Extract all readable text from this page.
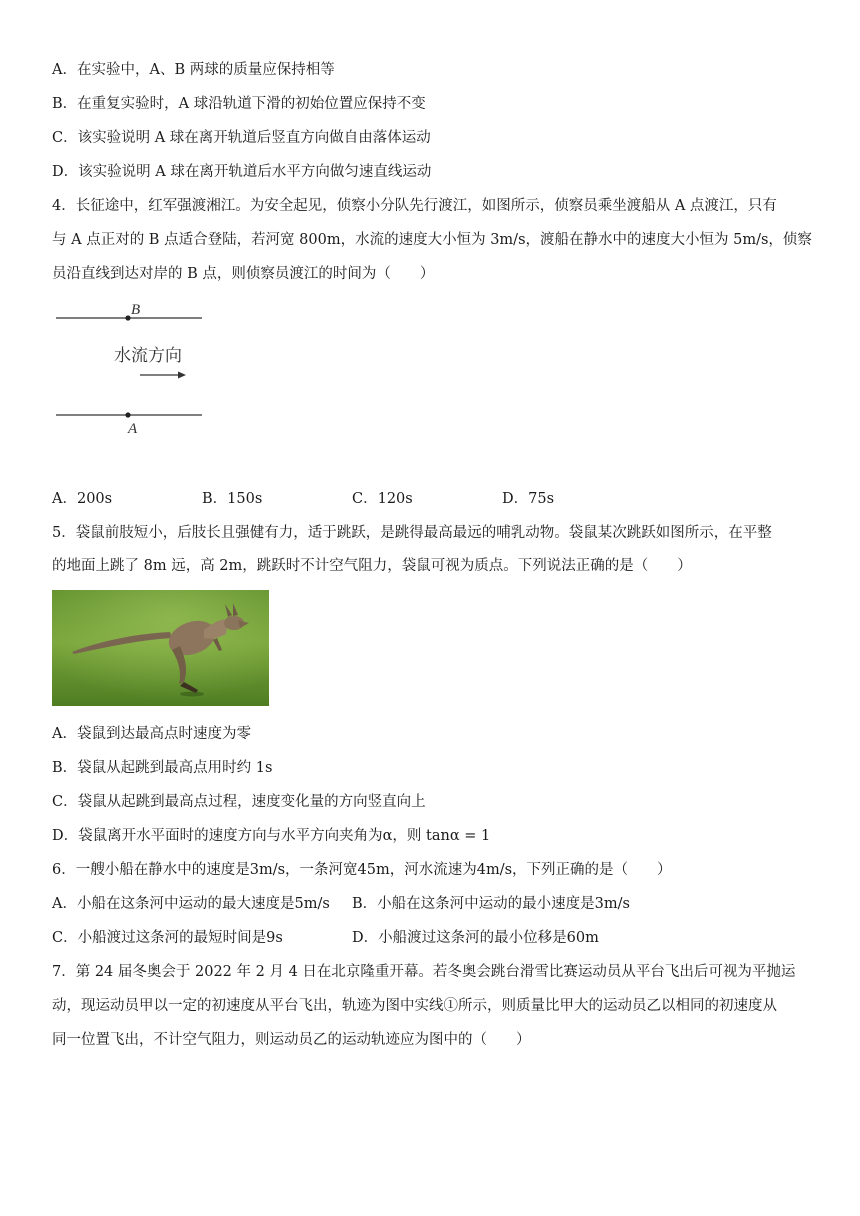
A．在实验中，A、B 两球的质量应保持相等
B．在重复实验时，A 球沿轨道下滑的初始位置应保持不变
C．该实验说明 A 球在离开轨道后竖直方向做自由落体运动
D．该实验说明 A 球在离开轨道后水平方向做匀速直线运动
4．长征途中，红军强渡湘江。为安全起见，侦察小分队先行渡江，如图所示，侦察员乘坐渡船从 A 点渡江，只有
与 A 点正对的 B 点适合登陆，若河宽 800m，水流的速度大小恒为 3m/s，渡船在静水中的速度大小恒为 5m/s，侦察
员沿直线到达对岸的 B 点，则侦察员渡江的时间为（　　）
B
水流方向
A
A．200s	B．150s	C．120s	D．75s
5．袋鼠前肢短小，后肢长且强健有力，适于跳跃，是跳得最高最远的哺乳动物。袋鼠某次跳跃如图所示，在平整
的地面上跳了 8m 远，高 2m，跳跃时不计空气阻力，袋鼠可视为质点。下列说法正确的是（　　）
A．袋鼠到达最高点时速度为零
B．袋鼠从起跳到最高点用时约 1s
C．袋鼠从起跳到最高点过程，速度变化量的方向竖直向上
D．袋鼠离开水平面时的速度方向与水平方向夹角为α，则 tanα = 1
6．一艘小船在静水中的速度是3m/s，一条河宽45m，河水流速为4m/s，下列正确的是（　　）
A．小船在这条河中运动的最大速度是5m/s B．小船在这条河中运动的最小速度是3m/s
C．小船渡过这条河的最短时间是9s	D．小船渡过这条河的最小位移是60m
7．第 24 届冬奥会于 2022 年 2 月 4 日在北京隆重开幕。若冬奥会跳台滑雪比赛运动员从平台飞出后可视为平抛运
动，现运动员甲以一定的初速度从平台飞出，轨迹为图中实线①所示，则质量比甲大的运动员乙以相同的初速度从
同一位置飞出，不计空气阻力，则运动员乙的运动轨迹应为图中的（　　）
